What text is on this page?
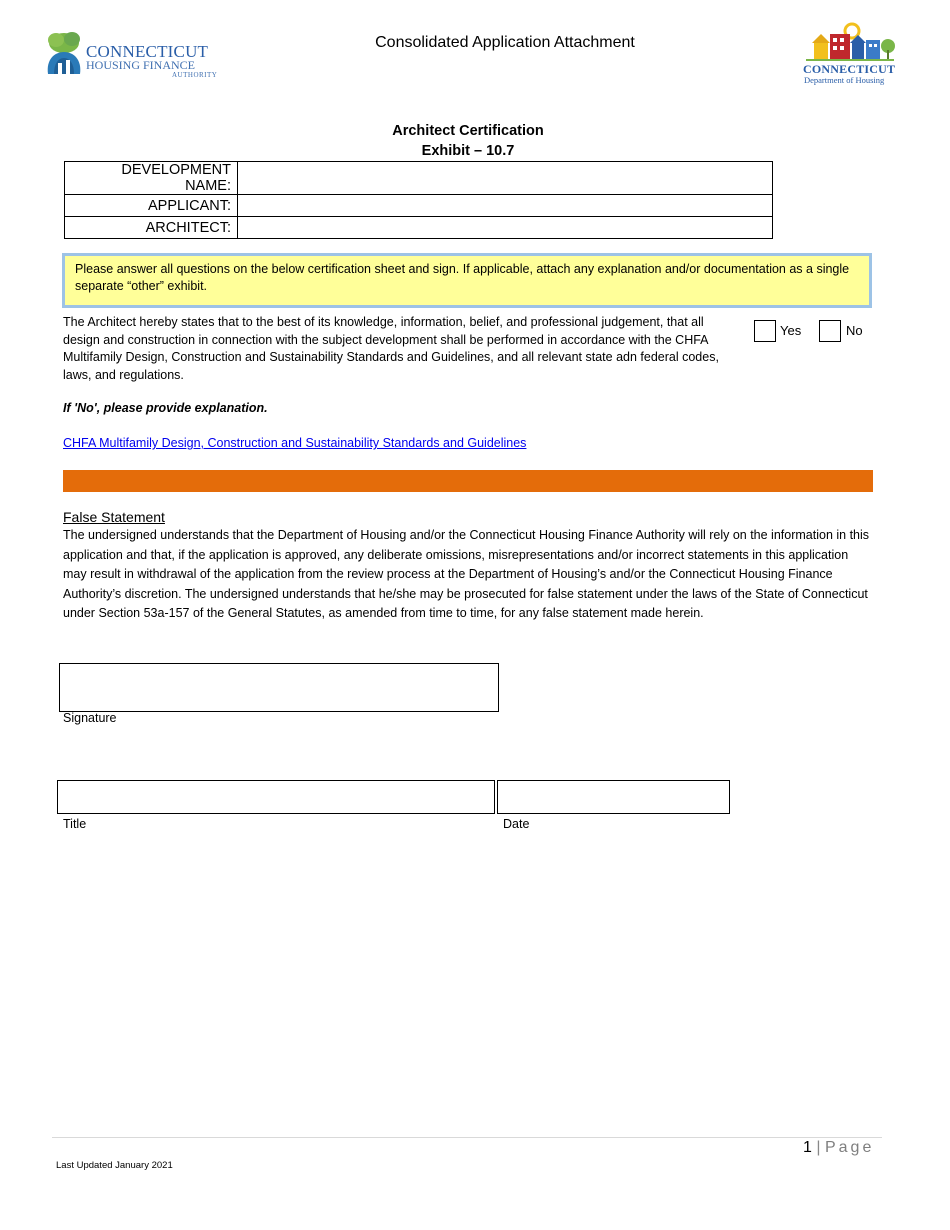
CONNECTICUT
HOUSING FINANCE
AUTHORITY
Consolidated Application Attachment
CONNECTICUT
Department of Housing
Architect Certification
Exhibit – 10.7
DEVELOPMENT NAME:	
APPLICANT:	
ARCHITECT:	
Please answer all questions on the below certification sheet and sign. If applicable, attach any explanation and/or documentation as a single separate “other” exhibit.
The Architect hereby states that to the best of its knowledge, information, belief, and professional judgement, that all design and construction in connection with the subject development shall be performed in accordance with the CHFA Multifamily Design, Construction and Sustainability Standards and Guidelines, and all relevant state adn federal codes, laws, and regulations.
Yes	No
If 'No', please provide explanation.
CHFA Multifamily Design, Construction and Sustainability Standards and Guidelines
False Statement
The undersigned understands that the Department of Housing and/or the Connecticut Housing Finance Authority will rely on the information in this application and that, if the application is approved, any deliberate omissions, misrepresentations and/or incorrect statements in this application may result in withdrawal of the application from the review process at the Department of Housing’s and/or the Connecticut Housing Finance Authority’s discretion. The undersigned understands that he/she may be prosecuted for false statement under the laws of the State of Connecticut under Section 53a-157 of the General Statutes, as amended from time to time, for any false statement made herein.
Signature
Title	Date
1 | Page
Last Updated January 2021
